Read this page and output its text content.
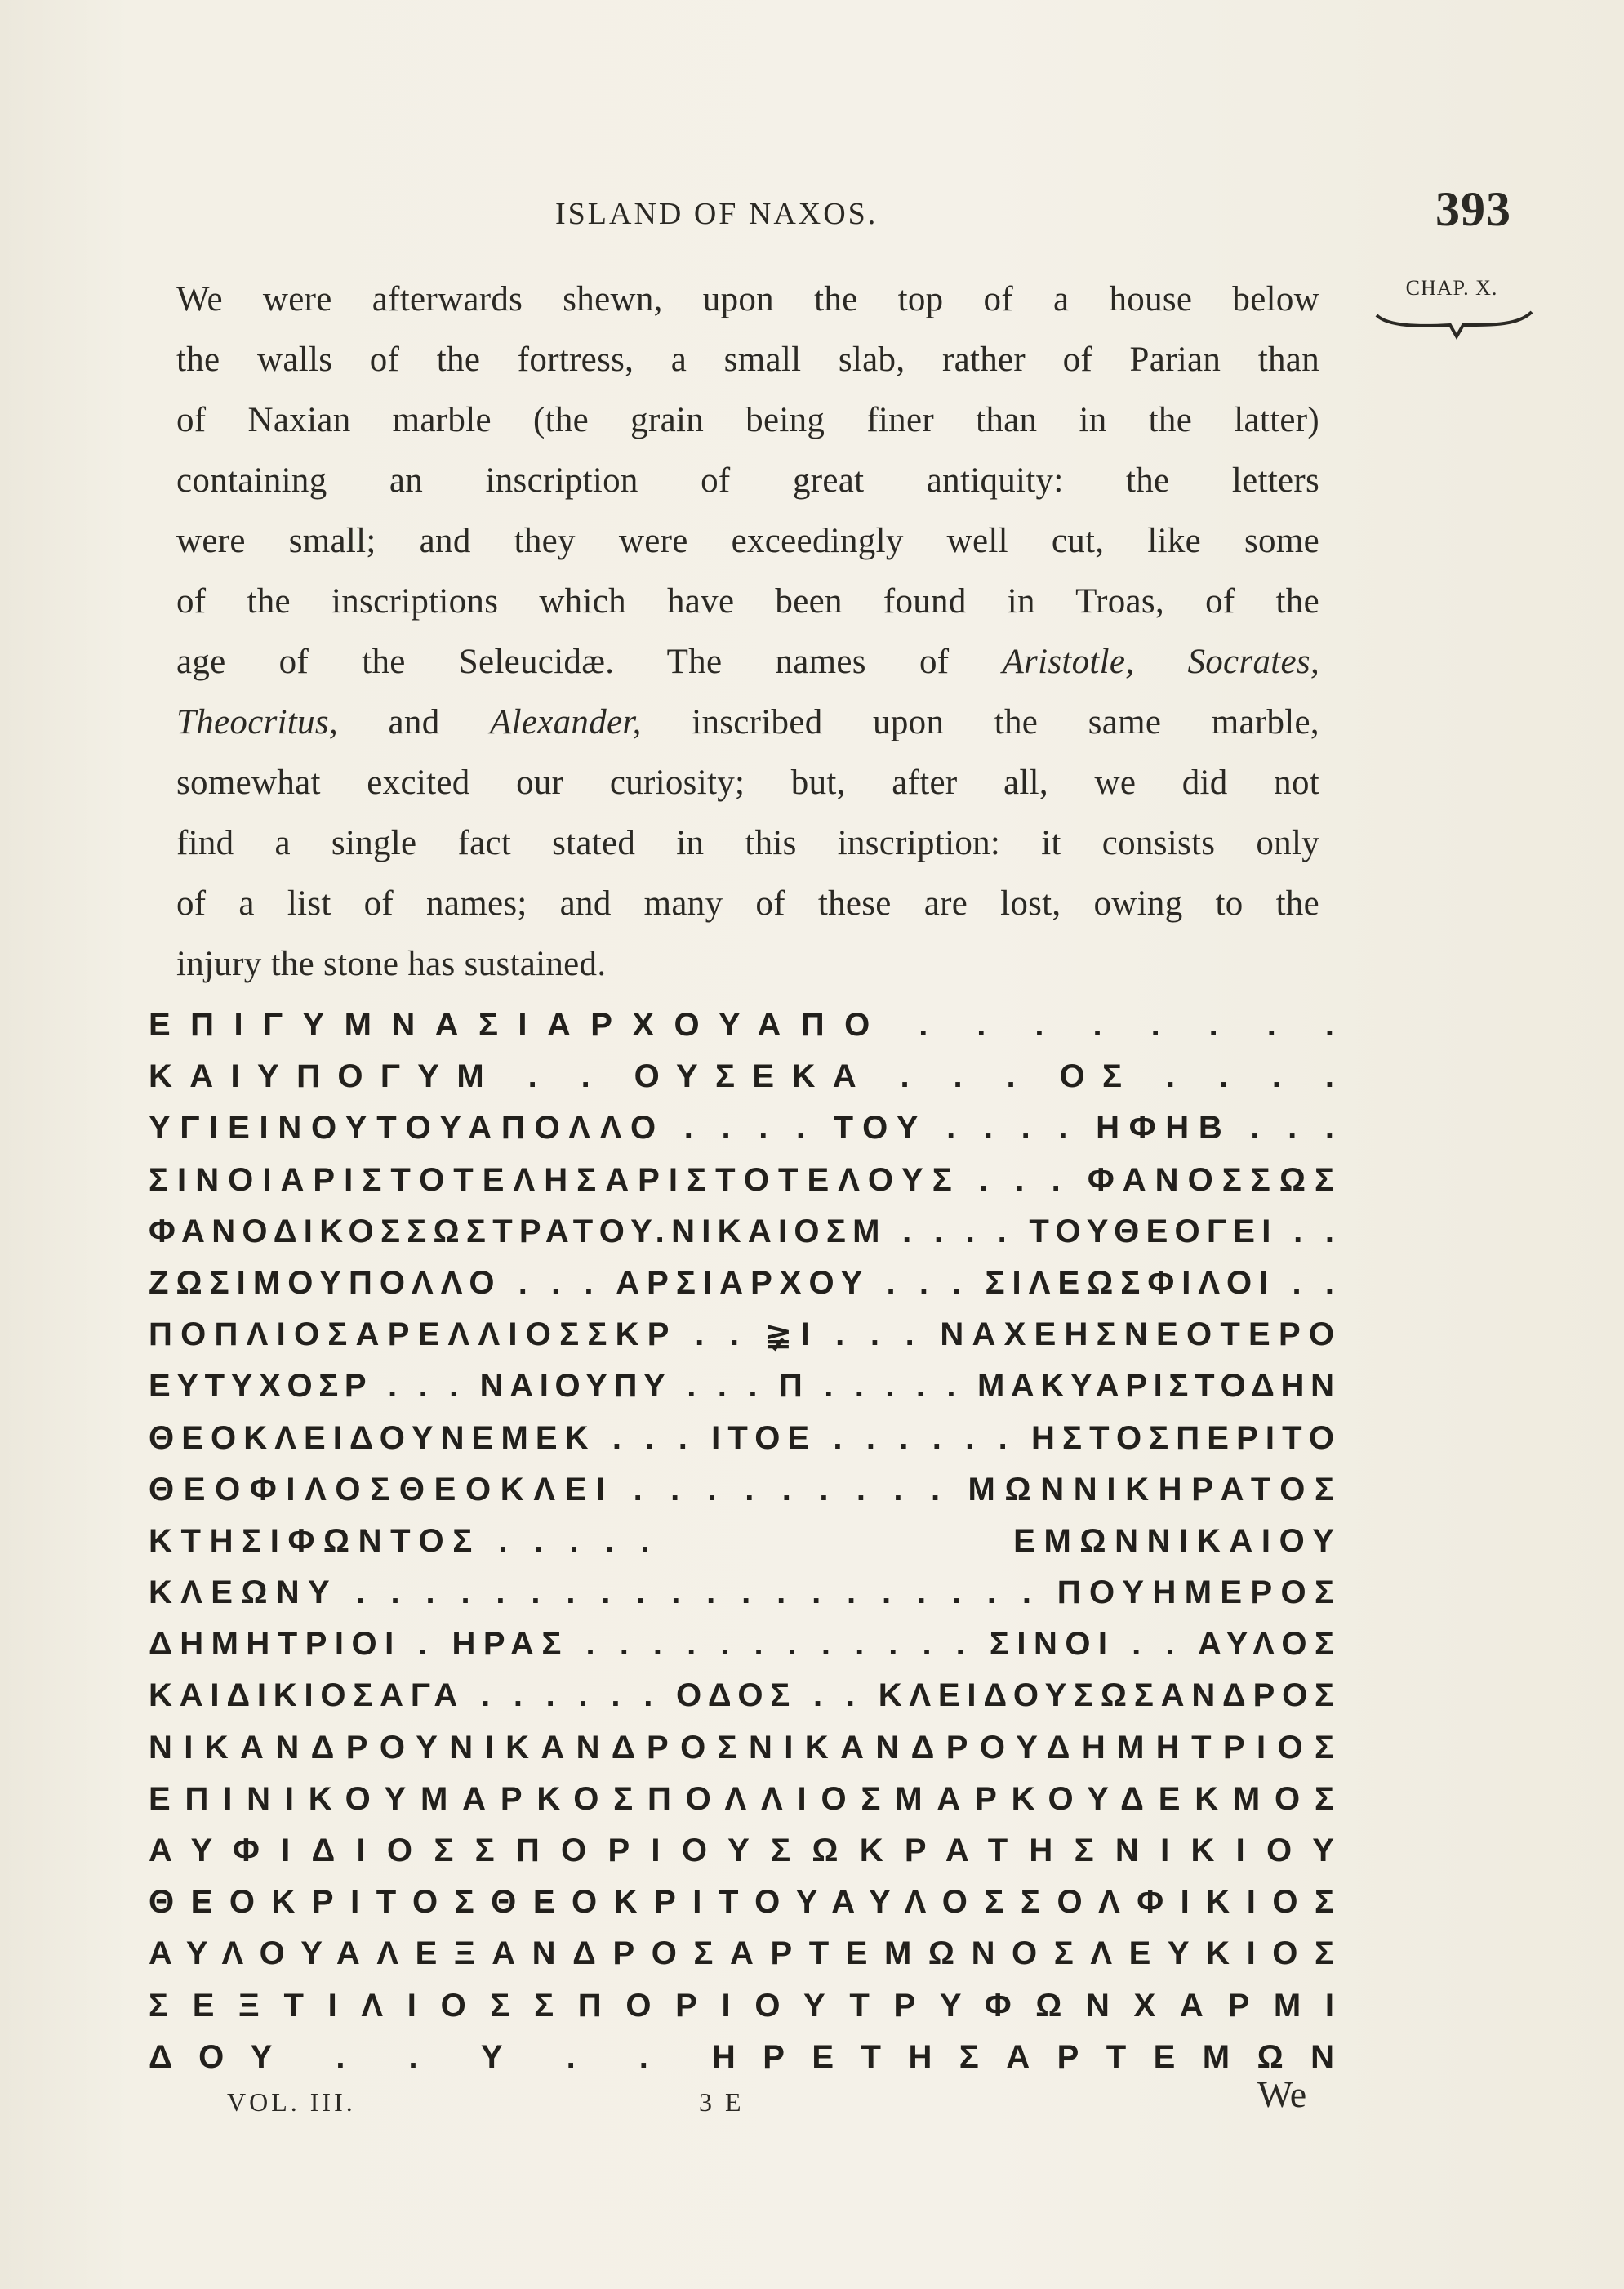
ISLAND OF NAXOS.	393
CHAP. X.
We were afterwards shewn, upon the top of a house below
the walls of the fortress, a small slab, rather of Parian than
of Naxian marble (the grain being finer than in the latter)
containing an inscription of great antiquity: the letters
were small; and they were exceedingly well cut, like some
of the inscriptions which have been found in Troas, of the
age of the Seleucidæ. The names of Aristotle, Socrates,
Theocritus, and Alexander, inscribed upon the same marble,
somewhat excited our curiosity; but, after all, we did not
find a single fact stated in this inscription: it consists only
of a list of names; and many of these are lost, owing to the
injury the stone has sustained.
ΕΠΙΓΥΜΝΑΣΙΑΡΧΟΥΑΠΟ . . . . . . . .
ΚΑΙΥΠΟΓΥΜ . . ΟΥΣΕΚΑ . . . ΟΣ . . . .
ΥΓΙΕΙΝΟΥΤΟΥΑΠΟΛΛΟ . . . . ΤΟΥ . . . . ΗΦΗΒ . . .
ΣΙΝΟΙΑΡΙΣΤΟΤΕΛΗΣΑΡΙΣΤΟΤΕΛΟΥΣ . . . ΦΑΝΟΣΣΩΣ
ΦΑΝΟΔΙΚΟΣΣΩΣΤΡΑΤΟΥ.ΝΙΚΑΙΟΣΜ . . . . ΤΟΥΘΕΟΓΕΙ . .
ΖΩΣΙΜΟΥΠΟΛΛΟ . . . ΑΡΣΙΑΡΧΟΥ . . . ΣΙΛΕΩΣΦΙΛΟΙ . .
ΠΟΠΛΙΟΣΑΡΕΛΛΙΟΣΣΚΡ . . ≩Ι . . . ΝΑΧΕΗΣΝΕΟΤΕΡΟ
ΕΥΤΥΧΟΣΡ . . . ΝΑΙΟΥΠΥ . . . Π . . . . . ΜΑΚΥΑΡΙΣΤΟΔΗΝ
ΘΕΟΚΛΕΙΔΟΥΝΕΜΕΚ . . . ΙΤΟΕ . . . . . . ΗΣΤΟΣΠΕΡΙΤΟ
ΘΕΟΦΙΛΟΣΘΕΟΚΛΕΙ . . . . . . . . . ΜΩΝΝΙΚΗΡΑΤΟΣ
ΚΤΗΣΙΦΩΝΤΟΣ . . . . .                    ΕΜΩΝΝΙΚΑΙΟΥ
ΚΛΕΩΝΥ . . . . . . . . . . . . . . . . . . . . ΠΟΥΗΜΕΡΟΣ
ΔΗΜΗΤΡΙΟΙ . ΗΡΑΣ . . . . . . . . . . . . ΣΙΝΟΙ . . ΑΥΛΟΣ
ΚΑΙΔΙΚΙΟΣΑΓΑ . . . . . . ΟΔΟΣ . . ΚΛΕΙΔΟΥΣΩΣΑΝΔΡΟΣ
ΝΙΚΑΝΔΡΟΥΝΙΚΑΝΔΡΟΣΝΙΚΑΝΔΡΟΥΔΗΜΗΤΡΙΟΣ
ΕΠΙΝΙΚΟΥΜΑΡΚΟΣΠΟΛΛΙΟΣΜΑΡΚΟΥΔΕΚΜΟΣ
ΑΥΦΙΔΙΟΣΣΠΟΡΙΟΥΣΩΚΡΑΤΗΣΝΙΚΙΟΥ
ΘΕΟΚΡΙΤΟΣΘΕΟΚΡΙΤΟΥΑΥΛΟΣΣΟΛΦΙΚΙΟΣ
ΑΥΛΟΥΑΛΕΞΑΝΔΡΟΣΑΡΤΕΜΩΝΟΣΛΕΥΚΙΟΣ
ΣΕΞΤΙΛΙΟΣΣΠΟΡΙΟΥΤΡΥΦΩΝΧΑΡΜΙ
ΔΟΥ . . Υ . . ΗΡΕΤΗΣΑΡΤΕΜΩΝ
VOL. III.	3 E	We
